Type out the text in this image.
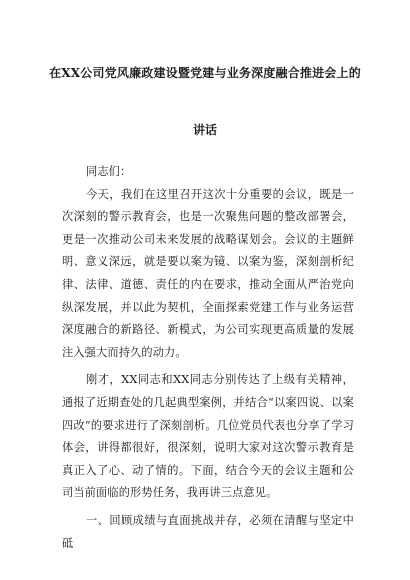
在XX公司党风廉政建设暨党建与业务深度融合推进会上的
讲话

同志们：

今天，我们在这里召开这次十分重要的会议，既是一次深刻的警示教育会，也是一次聚焦问题的整改部署会，更是一次推动公司未来发展的战略谋划会。会议的主题鲜明、意义深远，就是要以案为镜、以案为鉴，深刻剖析纪律、法律、道德、责任的内在要求，推动全面从严治党向纵深发展，并以此为契机，全面探索党建工作与业务运营深度融合的新路径、新模式，为公司实现更高质量的发展注入强大而持久的动力。

刚才，XX同志和XX同志分别传达了上级有关精神，通报了近期查处的几起典型案例，并结合“以案四说、以案四改”的要求进行了深刻剖析。几位党员代表也分享了学习体会，讲得都很好，很深刻，说明大家对这次警示教育是真正入了心、动了情的。下面，结合今天的会议主题和公司当前面临的形势任务，我再讲三点意见。

一、回顾成绩与直面挑战并存，必须在清醒与坚定中砥
